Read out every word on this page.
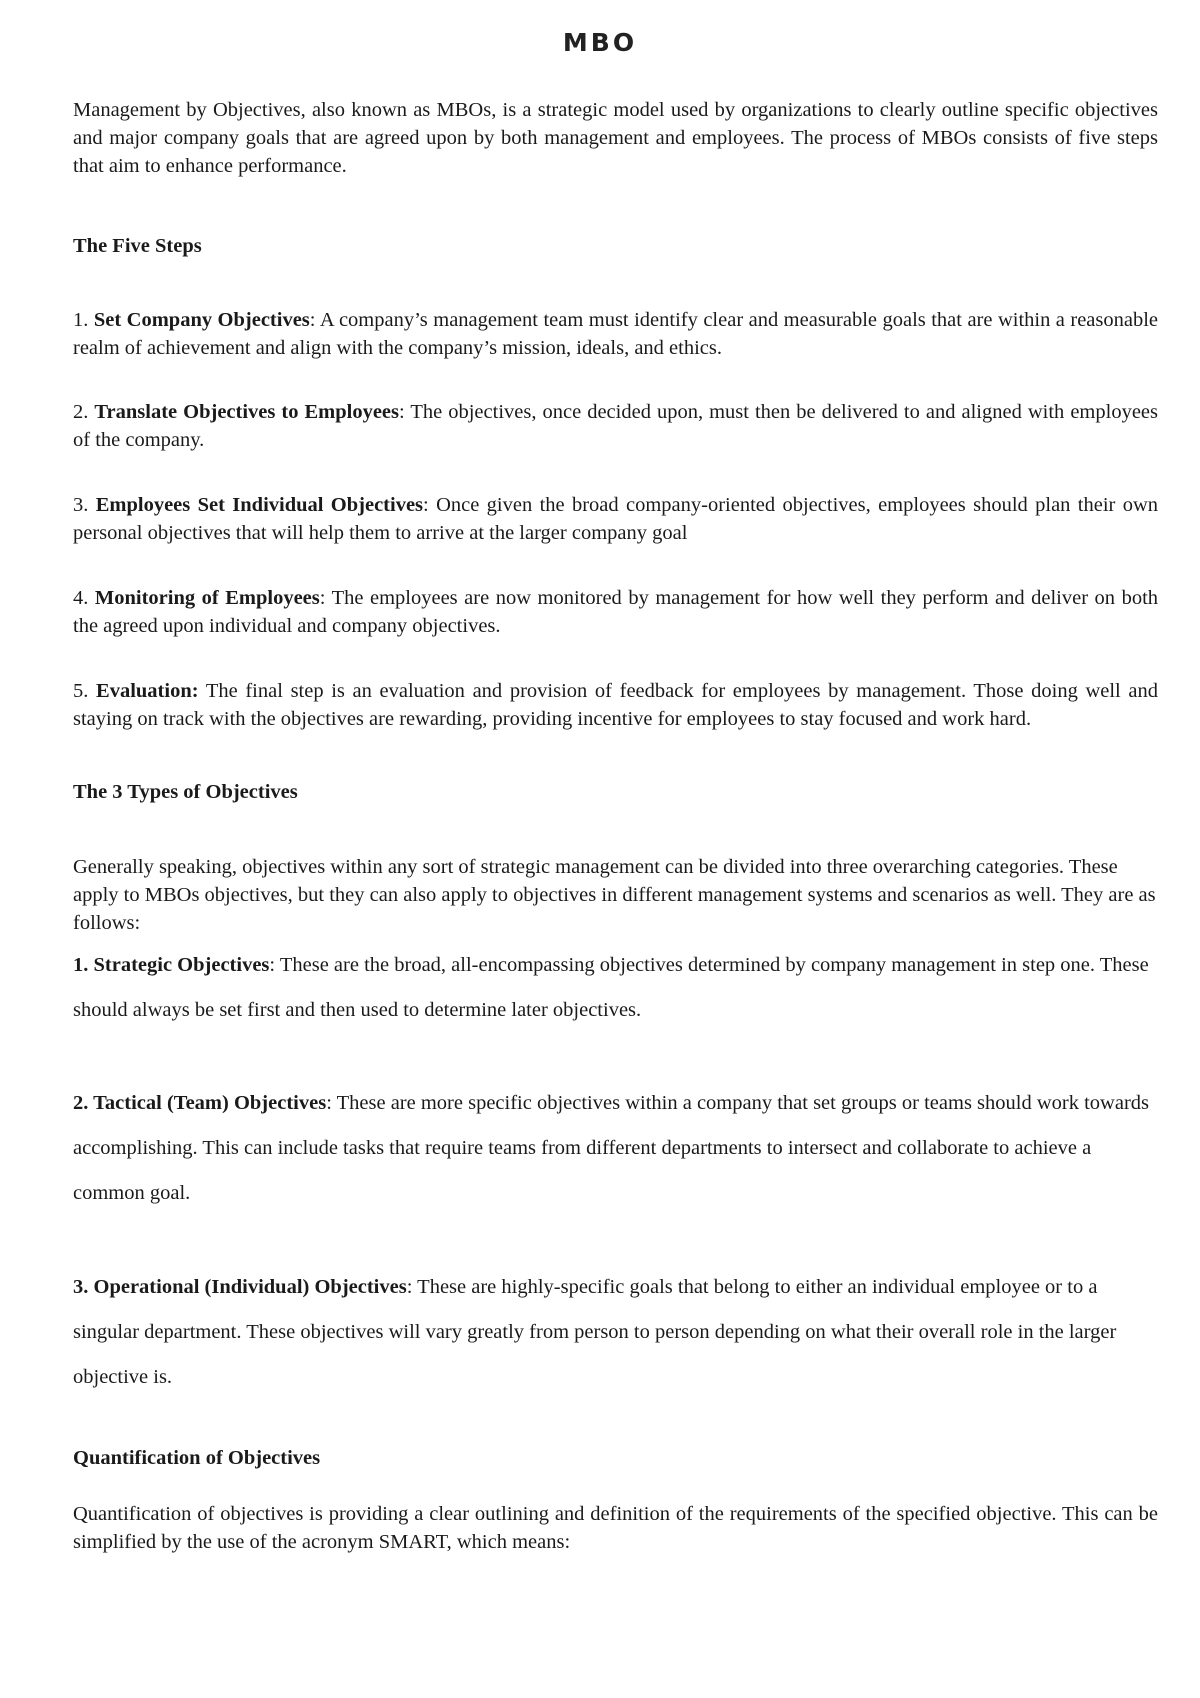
MBO

Management by Objectives, also known as MBOs, is a strategic model used by organizations to clearly outline specific objectives and major company goals that are agreed upon by both management and employees. The process of MBOs consists of five steps that aim to enhance performance.

The Five Steps

1. Set Company Objectives: A company’s management team must identify clear and measurable goals that are within a reasonable realm of achievement and align with the company’s mission, ideals, and ethics.

2. Translate Objectives to Employees: The objectives, once decided upon, must then be delivered to and aligned with employees of the company.

3. Employees Set Individual Objectives: Once given the broad company-oriented objectives, employees should plan their own personal objectives that will help them to arrive at the larger company goal

4. Monitoring of Employees: The employees are now monitored by management for how well they perform and deliver on both the agreed upon individual and company objectives.

5. Evaluation: The final step is an evaluation and provision of feedback for employees by management. Those doing well and staying on track with the objectives are rewarding, providing incentive for employees to stay focused and work hard.

The 3 Types of Objectives

Generally speaking, objectives within any sort of strategic management can be divided into three overarching categories. These apply to MBOs objectives, but they can also apply to objectives in different management systems and scenarios as well. They are as follows:

1. Strategic Objectives: These are the broad, all-encompassing objectives determined by company management in step one. These should always be set first and then used to determine later objectives.

2. Tactical (Team) Objectives: These are more specific objectives within a company that set groups or teams should work towards accomplishing. This can include tasks that require teams from different departments to intersect and collaborate to achieve a common goal.

3. Operational (Individual) Objectives: These are highly-specific goals that belong to either an individual employee or to a singular department. These objectives will vary greatly from person to person depending on what their overall role in the larger objective is.

Quantification of Objectives

Quantification of objectives is providing a clear outlining and definition of the requirements of the specified objective. This can be simplified by the use of the acronym SMART, which means:
